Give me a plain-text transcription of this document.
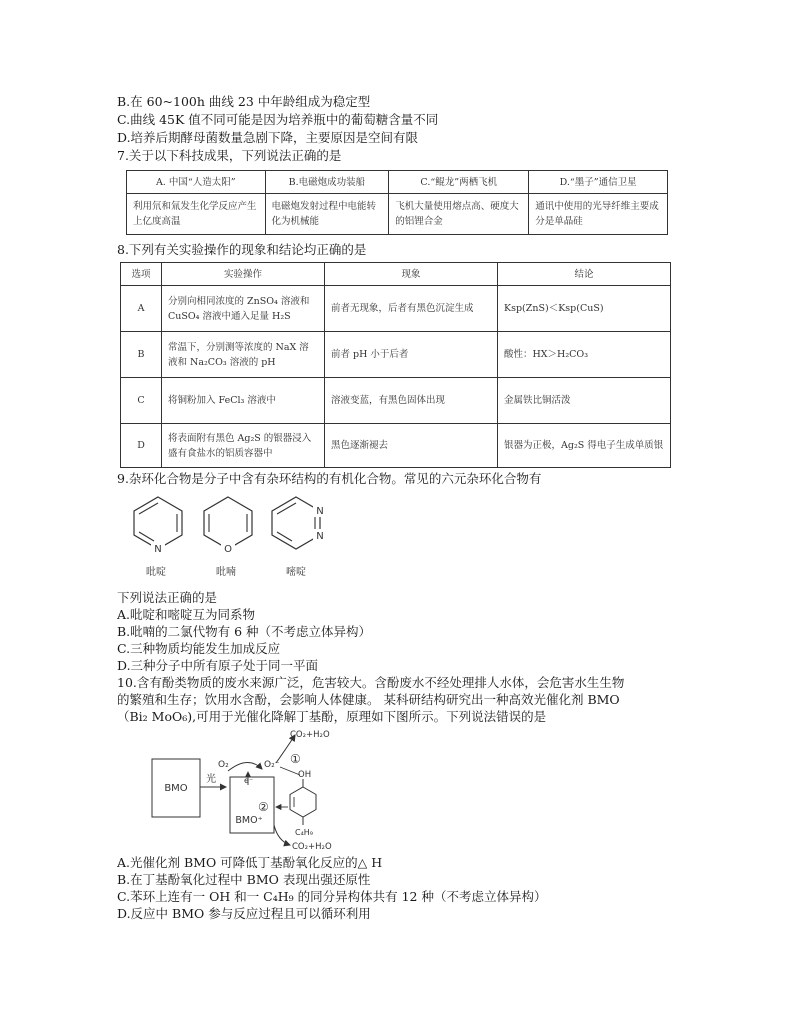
B.在 60~100h 曲线 23 中年龄组成为稳定型
C.曲线 45K 值不同可能是因为培养瓶中的葡萄糖含量不同
D.培养后期酵母菌数量急剧下降，主要原因是空间有限
7.关于以下科技成果，下列说法正确的是
A. 中国“人造太阳”	B.电磁炮成功装船	C.“鲲龙”两栖飞机	D.“墨子”通信卫星
利用氘和氚发生化学反应产生上亿度高温	电磁炮发射过程中电能转化为机械能	飞机大量使用熔点高、硬度大的铝锂合金	通讯中使用的光导纤维主要成分是单晶硅
8.下列有关实验操作的现象和结论均正确的是
选项	实验操作	现象	结论
A	分别向相同浓度的 ZnSO₄ 溶液和 CuSO₄ 溶液中通入足量 H₂S	前者无现象，后者有黑色沉淀生成	Ksp(ZnS)＜Ksp(CuS)
B	常温下，分别测等浓度的 NaX 溶液和 Na₂CO₃ 溶液的 pH	前者 pH 小于后者	酸性：HX＞H₂CO₃
C	将铜粉加入 FeCl₃ 溶液中	溶液变蓝，有黑色固体出现	金属铁比铜活泼
D	将表面附有黑色 Ag₂S 的银器浸入盛有食盐水的铝质容器中	黑色逐渐褪去	银器为正极，Ag₂S 得电子生成单质银
9.杂环化合物是分子中含有杂环结构的有机化合物。常见的六元杂环化合物有
N	O
N
N
吡啶	吡喃	嘧啶
下列说法正确的是
A.吡啶和嘧啶互为同系物
B.吡喃的二氯代物有 6 种（不考虑立体异构）
C.三种物质均能发生加成反应
D.三种分子中所有原子处于同一平面
10.含有酚类物质的废水来源广泛，危害较大。含酚废水不经处理排人水体，会危害水生生物
的繁殖和生存；饮用水含酚，会影响人体健康。 某科研结构研究出一种高效光催化剂 BMO
（Bi₂ MoO₆),可用于光催化降解丁基酚，原理如下图所示。下列说法错误的是
BMO
光
BMO⁺
O₂	O₂⁻
e⁻
CO₂+H₂O
①
OH
C₄H₉
②
CO₂+H₂O
A.光催化剂 BMO 可降低丁基酚氧化反应的△ H
B.在丁基酚氧化过程中 BMO 表现出强还原性
C.苯环上连有一 OH 和一 C₄H₉ 的同分异构体共有 12 种（不考虑立体异构）
D.反应中 BMO 参与反应过程且可以循环利用
